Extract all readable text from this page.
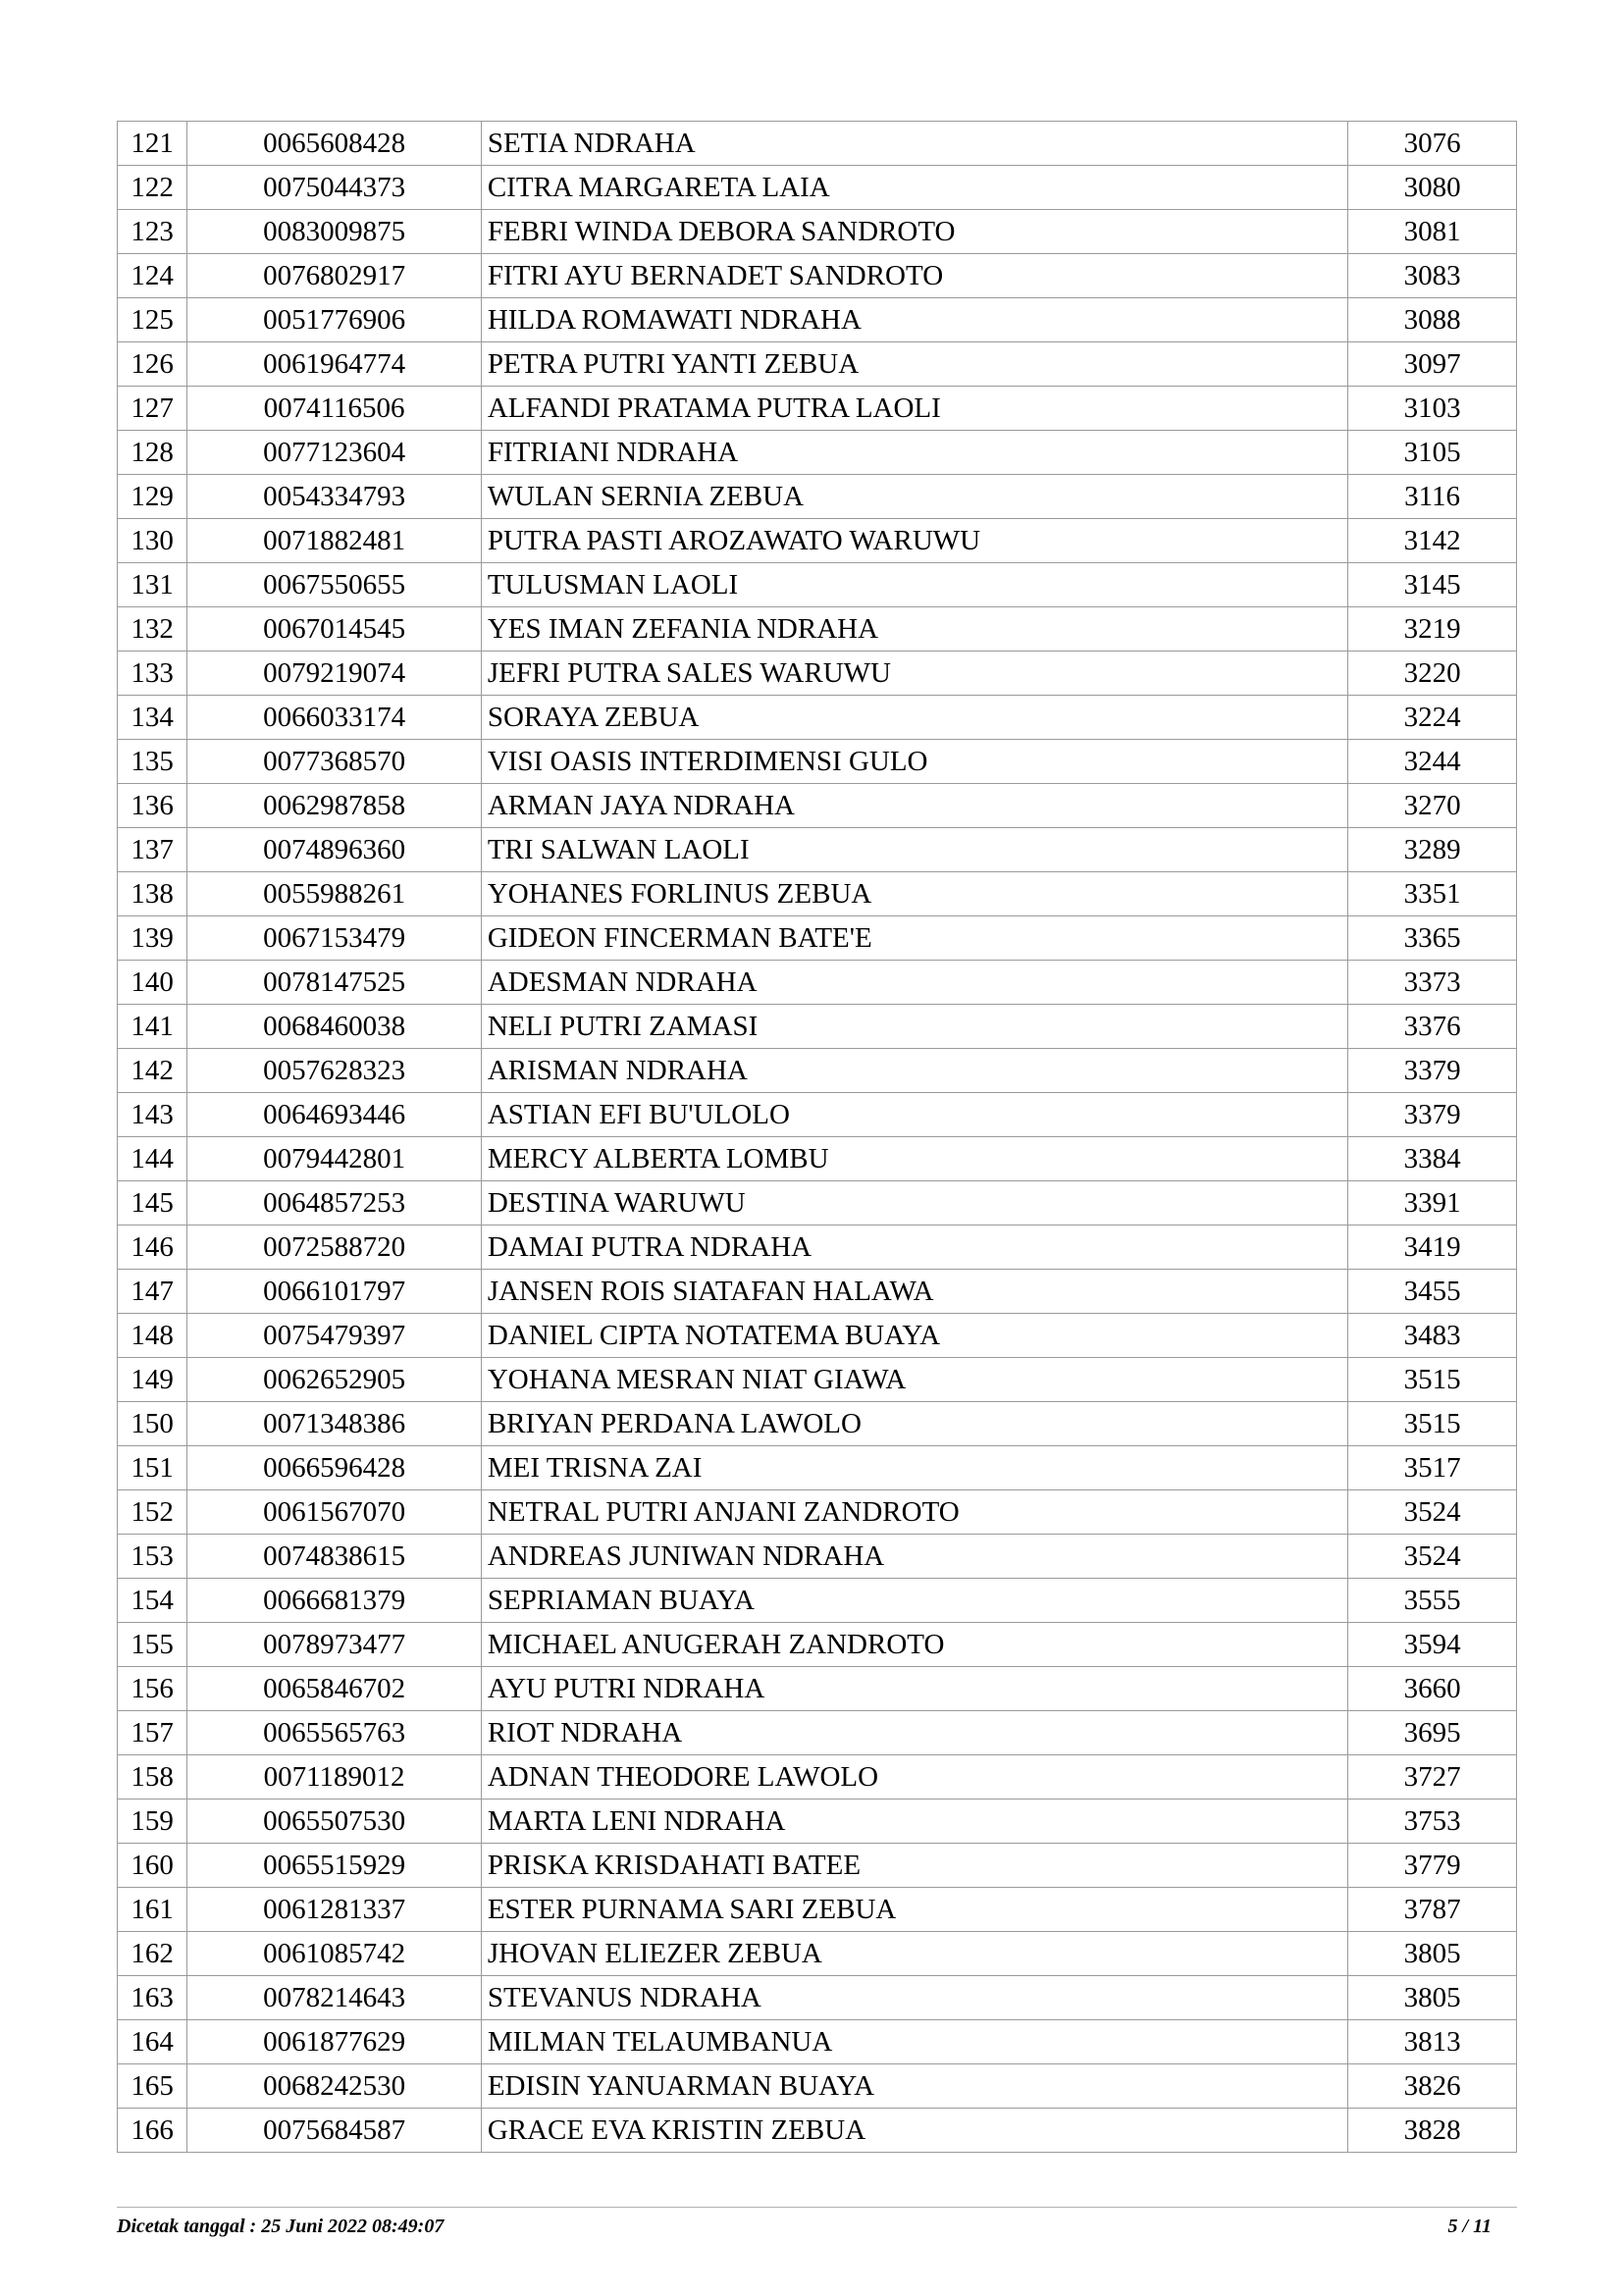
121	0065608428	SETIA NDRAHA	3076
122	0075044373	CITRA MARGARETA LAIA	3080
123	0083009875	FEBRI WINDA DEBORA SANDROTO	3081
124	0076802917	FITRI AYU BERNADET SANDROTO	3083
125	0051776906	HILDA ROMAWATI NDRAHA	3088
126	0061964774	PETRA PUTRI YANTI ZEBUA	3097
127	0074116506	ALFANDI PRATAMA PUTRA LAOLI	3103
128	0077123604	FITRIANI NDRAHA	3105
129	0054334793	WULAN SERNIA ZEBUA	3116
130	0071882481	PUTRA PASTI AROZAWATO WARUWU	3142
131	0067550655	TULUSMAN LAOLI	3145
132	0067014545	YES IMAN ZEFANIA NDRAHA	3219
133	0079219074	JEFRI PUTRA SALES WARUWU	3220
134	0066033174	SORAYA ZEBUA	3224
135	0077368570	VISI OASIS INTERDIMENSI GULO	3244
136	0062987858	ARMAN JAYA NDRAHA	3270
137	0074896360	TRI SALWAN LAOLI	3289
138	0055988261	YOHANES FORLINUS ZEBUA	3351
139	0067153479	GIDEON FINCERMAN BATE'E	3365
140	0078147525	ADESMAN NDRAHA	3373
141	0068460038	NELI PUTRI ZAMASI	3376
142	0057628323	ARISMAN NDRAHA	3379
143	0064693446	ASTIAN EFI BU'ULOLO	3379
144	0079442801	MERCY ALBERTA LOMBU	3384
145	0064857253	DESTINA WARUWU	3391
146	0072588720	DAMAI PUTRA NDRAHA	3419
147	0066101797	JANSEN ROIS SIATAFAN HALAWA	3455
148	0075479397	DANIEL CIPTA NOTATEMA BUAYA	3483
149	0062652905	YOHANA MESRAN NIAT GIAWA	3515
150	0071348386	BRIYAN PERDANA LAWOLO	3515
151	0066596428	MEI TRISNA ZAI	3517
152	0061567070	NETRAL PUTRI ANJANI ZANDROTO	3524
153	0074838615	ANDREAS JUNIWAN NDRAHA	3524
154	0066681379	SEPRIAMAN BUAYA	3555
155	0078973477	MICHAEL ANUGERAH ZANDROTO	3594
156	0065846702	AYU PUTRI NDRAHA	3660
157	0065565763	RIOT NDRAHA	3695
158	0071189012	ADNAN THEODORE LAWOLO	3727
159	0065507530	MARTA LENI NDRAHA	3753
160	0065515929	PRISKA KRISDAHATI BATEE	3779
161	0061281337	ESTER PURNAMA SARI ZEBUA	3787
162	0061085742	JHOVAN ELIEZER ZEBUA	3805
163	0078214643	STEVANUS NDRAHA	3805
164	0061877629	MILMAN TELAUMBANUA	3813
165	0068242530	EDISIN YANUARMAN BUAYA	3826
166	0075684587	GRACE EVA KRISTIN ZEBUA	3828
Dicetak tanggal : 25 Juni 2022 08:49:07	5 / 11
